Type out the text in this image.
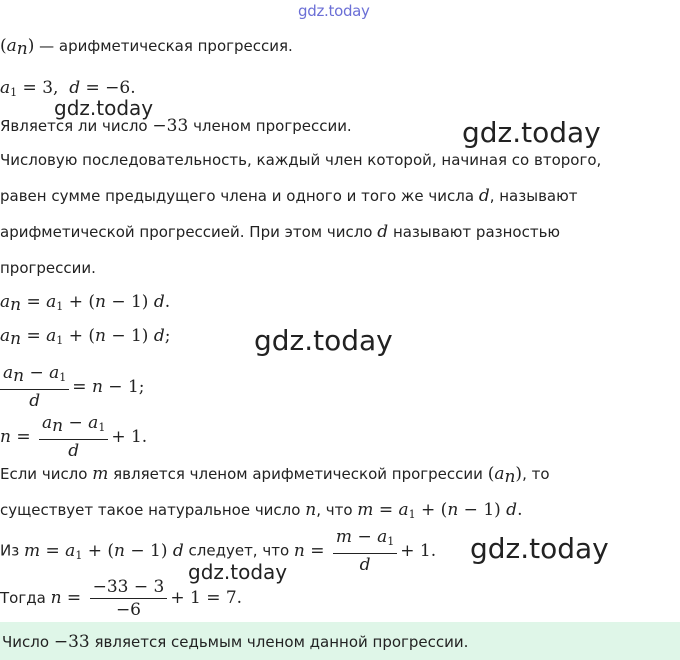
gdz.today
$(a_n)$ — арифметическая прогрессия.
$a_1 = 3$,  d = −6.
gdz.today
Является ли число −33 членом прогрессии.	gdz.today
Числовую последовательность, каждый член которой, начиная со второго,
равен сумме предыдущего члена и одного и того же числа d, называют
арифметической прогрессией. При этом число d называют разностью
прогрессии.
$a_n = a_1 + (n - 1)$ d.
$a_n = a_1 + (n - 1)$ d;	gdz.today
$\frac{a_n - a_1}{d} = n - 1$;
$n = \frac{a_n - a_1}{d} + 1$.
Если число m является членом арифметической прогрессии $(a_n)$, то
существует такое натуральное число n, что $m = a_1 + (n - 1)$ d.
Из $m = a_1 + (n - 1)$ d следует, что $n = \frac{m - a_1}{d} + 1$. gdz.today
gdz.today
Тогда $n = \frac{-33 - 3}{-6} + 1 = 7$.
Число −33 является седьмым членом данной прогрессии.
